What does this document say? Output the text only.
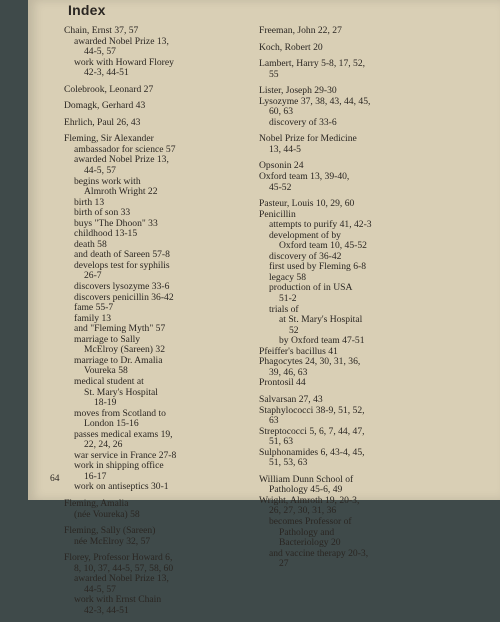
Index
Chain, Ernst 37, 57
awarded Nobel Prize 13,
44-5, 57
work with Howard Florey
42-3, 44-51
Colebrook, Leonard 27
Domagk, Gerhard 43
Ehrlich, Paul 26, 43
Fleming, Sir Alexander
ambassador for science 57
awarded Nobel Prize 13,
44-5, 57
begins work with
Almroth Wright 22
birth 13
birth of son 33
buys "The Dhoon" 33
childhood 13-15
death 58
and death of Sareen 57-8
develops test for syphilis
26-7
discovers lysozyme 33-6
discovers penicillin 36-42
fame 55-7
family 13
and "Fleming Myth" 57
marriage to Sally
McElroy (Sareen) 32
marriage to Dr. Amalia
Voureka 58
medical student at
St. Mary's Hospital
18-19
moves from Scotland to
London 15-16
passes medical exams 19,
22, 24, 26
war service in France 27-8
work in shipping office
16-17
work on antiseptics 30-1
Fleming, Amalia
(née Voureka) 58
Fleming, Sally (Sareen)
née McElroy 32, 57
Florey, Professor Howard 6,
8, 10, 37, 44-5, 57, 58, 60
awarded Nobel Prize 13,
44-5, 57
work with Ernst Chain
42-3, 44-51
Freeman, John 22, 27
Koch, Robert 20
Lambert, Harry 5-8, 17, 52,
55
Lister, Joseph 29-30
Lysozyme 37, 38, 43, 44, 45,
60, 63
discovery of 33-6
Nobel Prize for Medicine
13, 44-5
Opsonin 24
Oxford team 13, 39-40,
45-52
Pasteur, Louis 10, 29, 60
Penicillin
attempts to purify 41, 42-3
development of by
Oxford team 10, 45-52
discovery of 36-42
first used by Fleming 6-8
legacy 58
production of in USA
51-2
trials of
at St. Mary's Hospital
52
by Oxford team 47-51
Pfeiffer's bacillus 41
Phagocytes 24, 30, 31, 36,
39, 46, 63
Prontosil 44
Salvarsan 27, 43
Staphylococci 38-9, 51, 52,
63
Streptococci 5, 6, 7, 44, 47,
51, 63
Sulphonamides 6, 43-4, 45,
51, 53, 63
William Dunn School of
Pathology 45-6, 49
Wright, Almroth 19, 20-3,
26, 27, 30, 31, 36
becomes Professor of
Pathology and
Bacteriology 20
and vaccine therapy 20-3,
27
64
